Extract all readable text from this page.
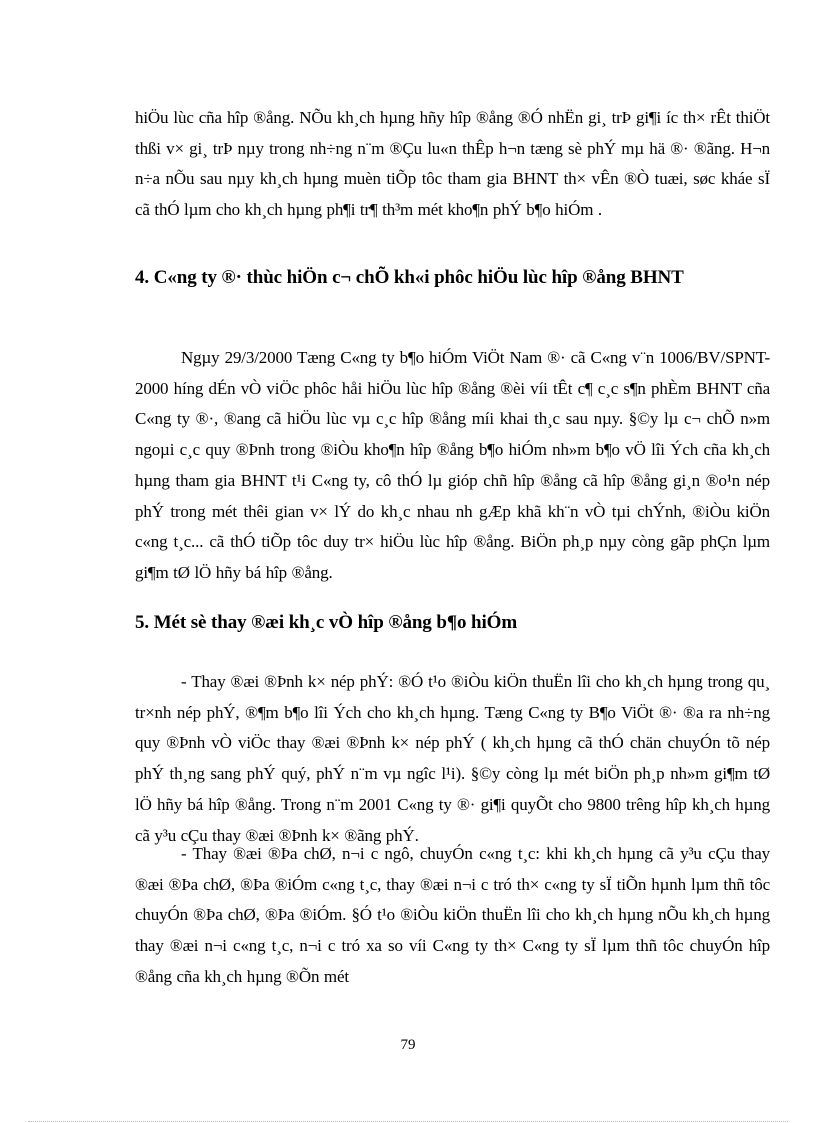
hiÖu lùc cña hîp ®ång. NÕu kh¸ch hµng hñy hîp ®ång ®Ó nhËn gi¸ trÞ gi¶i íc th× rÊt thiÖt thßi v× gi¸ trÞ nµy trong nh÷ng n¨m ®Çu lu«n thÊp h¬n tæng sè phÝ mµ hä ®· ®ãng. H¬n n÷a nÕu sau nµy kh¸ch hµng muèn tiÕp tôc tham gia BHNT th× vÊn ®Ò tuæi, søc kháe sÏ cã thÓ lµm cho kh¸ch hµng ph¶i tr¶ th³m mét kho¶n phÝ b¶o hiÓm .

4. C«ng ty ®· thùc hiÖn c¬ chÕ kh«i phôc hiÖu lùc hîp ®ång BHNT

Ngµy 29/3/2000 Tæng C«ng ty b¶o hiÓm ViÖt Nam ®· cã C«ng v¨n 1006/BV/SPNT-2000 híng dÉn vÒ viÖc phôc håi hiÖu lùc hîp ®ång ®èi víi tÊt c¶ c¸c s¶n phÈm BHNT cña C«ng ty ®·, ®ang cã hiÖu lùc vµ c¸c hîp ®ång míi khai th¸c sau nµy. §©y lµ c¬ chÕ n»m ngoµi c¸c quy ®Þnh trong ®iÒu kho¶n hîp ®ång b¶o hiÓm nh»m b¶o vÖ lîi Ých cña kh¸ch hµng tham gia BHNT t¹i C«ng ty, cô thÓ lµ gióp chñ hîp ®ång cã hîp ®ång gi¸n ®o¹n nép phÝ trong mét thêi gian v× lÝ do kh¸c nhau nh gÆp khã kh¨n vÒ tµi chÝnh, ®iÒu kiÖn c«ng t¸c... cã thÓ tiÕp tôc duy tr× hiÖu lùc hîp ®ång. BiÖn ph¸p nµy còng gãp phÇn lµm gi¶m tØ lÖ hñy bá hîp ®ång.

5. Mét sè thay ®æi kh¸c vÒ hîp ®ång b¶o hiÓm

- Thay ®æi ®Þnh k× nép phÝ: ®Ó t¹o ®iÒu kiÖn thuËn lîi cho kh¸ch hµng trong qu¸ tr×nh nép phÝ, ®¶m b¶o lîi Ých cho kh¸ch hµng. Tæng C«ng ty B¶o ViÖt ®· ®a ra nh÷ng quy ®Þnh vÒ viÖc thay ®æi ®Þnh k× nép phÝ ( kh¸ch hµng cã thÓ chän chuyÓn tõ nép phÝ th¸ng sang phÝ quý, phÝ n¨m vµ ngîc l¹i). §©y còng lµ mét biÖn ph¸p nh»m gi¶m tØ lÖ hñy bá hîp ®ång. Trong n¨m 2001 C«ng ty ®· gi¶i quyÕt cho 9800 trêng hîp kh¸ch hµng cã y³u cÇu thay ®æi ®Þnh k× ®ãng phÝ.

- Thay ®æi ®Þa chØ, n¬i c ngô, chuyÓn c«ng t¸c: khi kh¸ch hµng cã y³u cÇu thay ®æi ®Þa chØ, ®Þa ®iÓm c«ng t¸c, thay ®æi n¬i c tró th× c«ng ty sÏ tiÕn hµnh lµm thñ tôc chuyÓn ®Þa chØ, ®Þa ®iÓm. §Ó t¹o ®iÒu kiÖn thuËn lîi cho kh¸ch hµng nÕu kh¸ch hµng thay ®æi n¬i c«ng t¸c, n¬i c tró xa so víi C«ng ty th× C«ng ty sÏ lµm thñ tôc chuyÓn hîp ®ång cña kh¸ch hµng ®Õn mét

79
